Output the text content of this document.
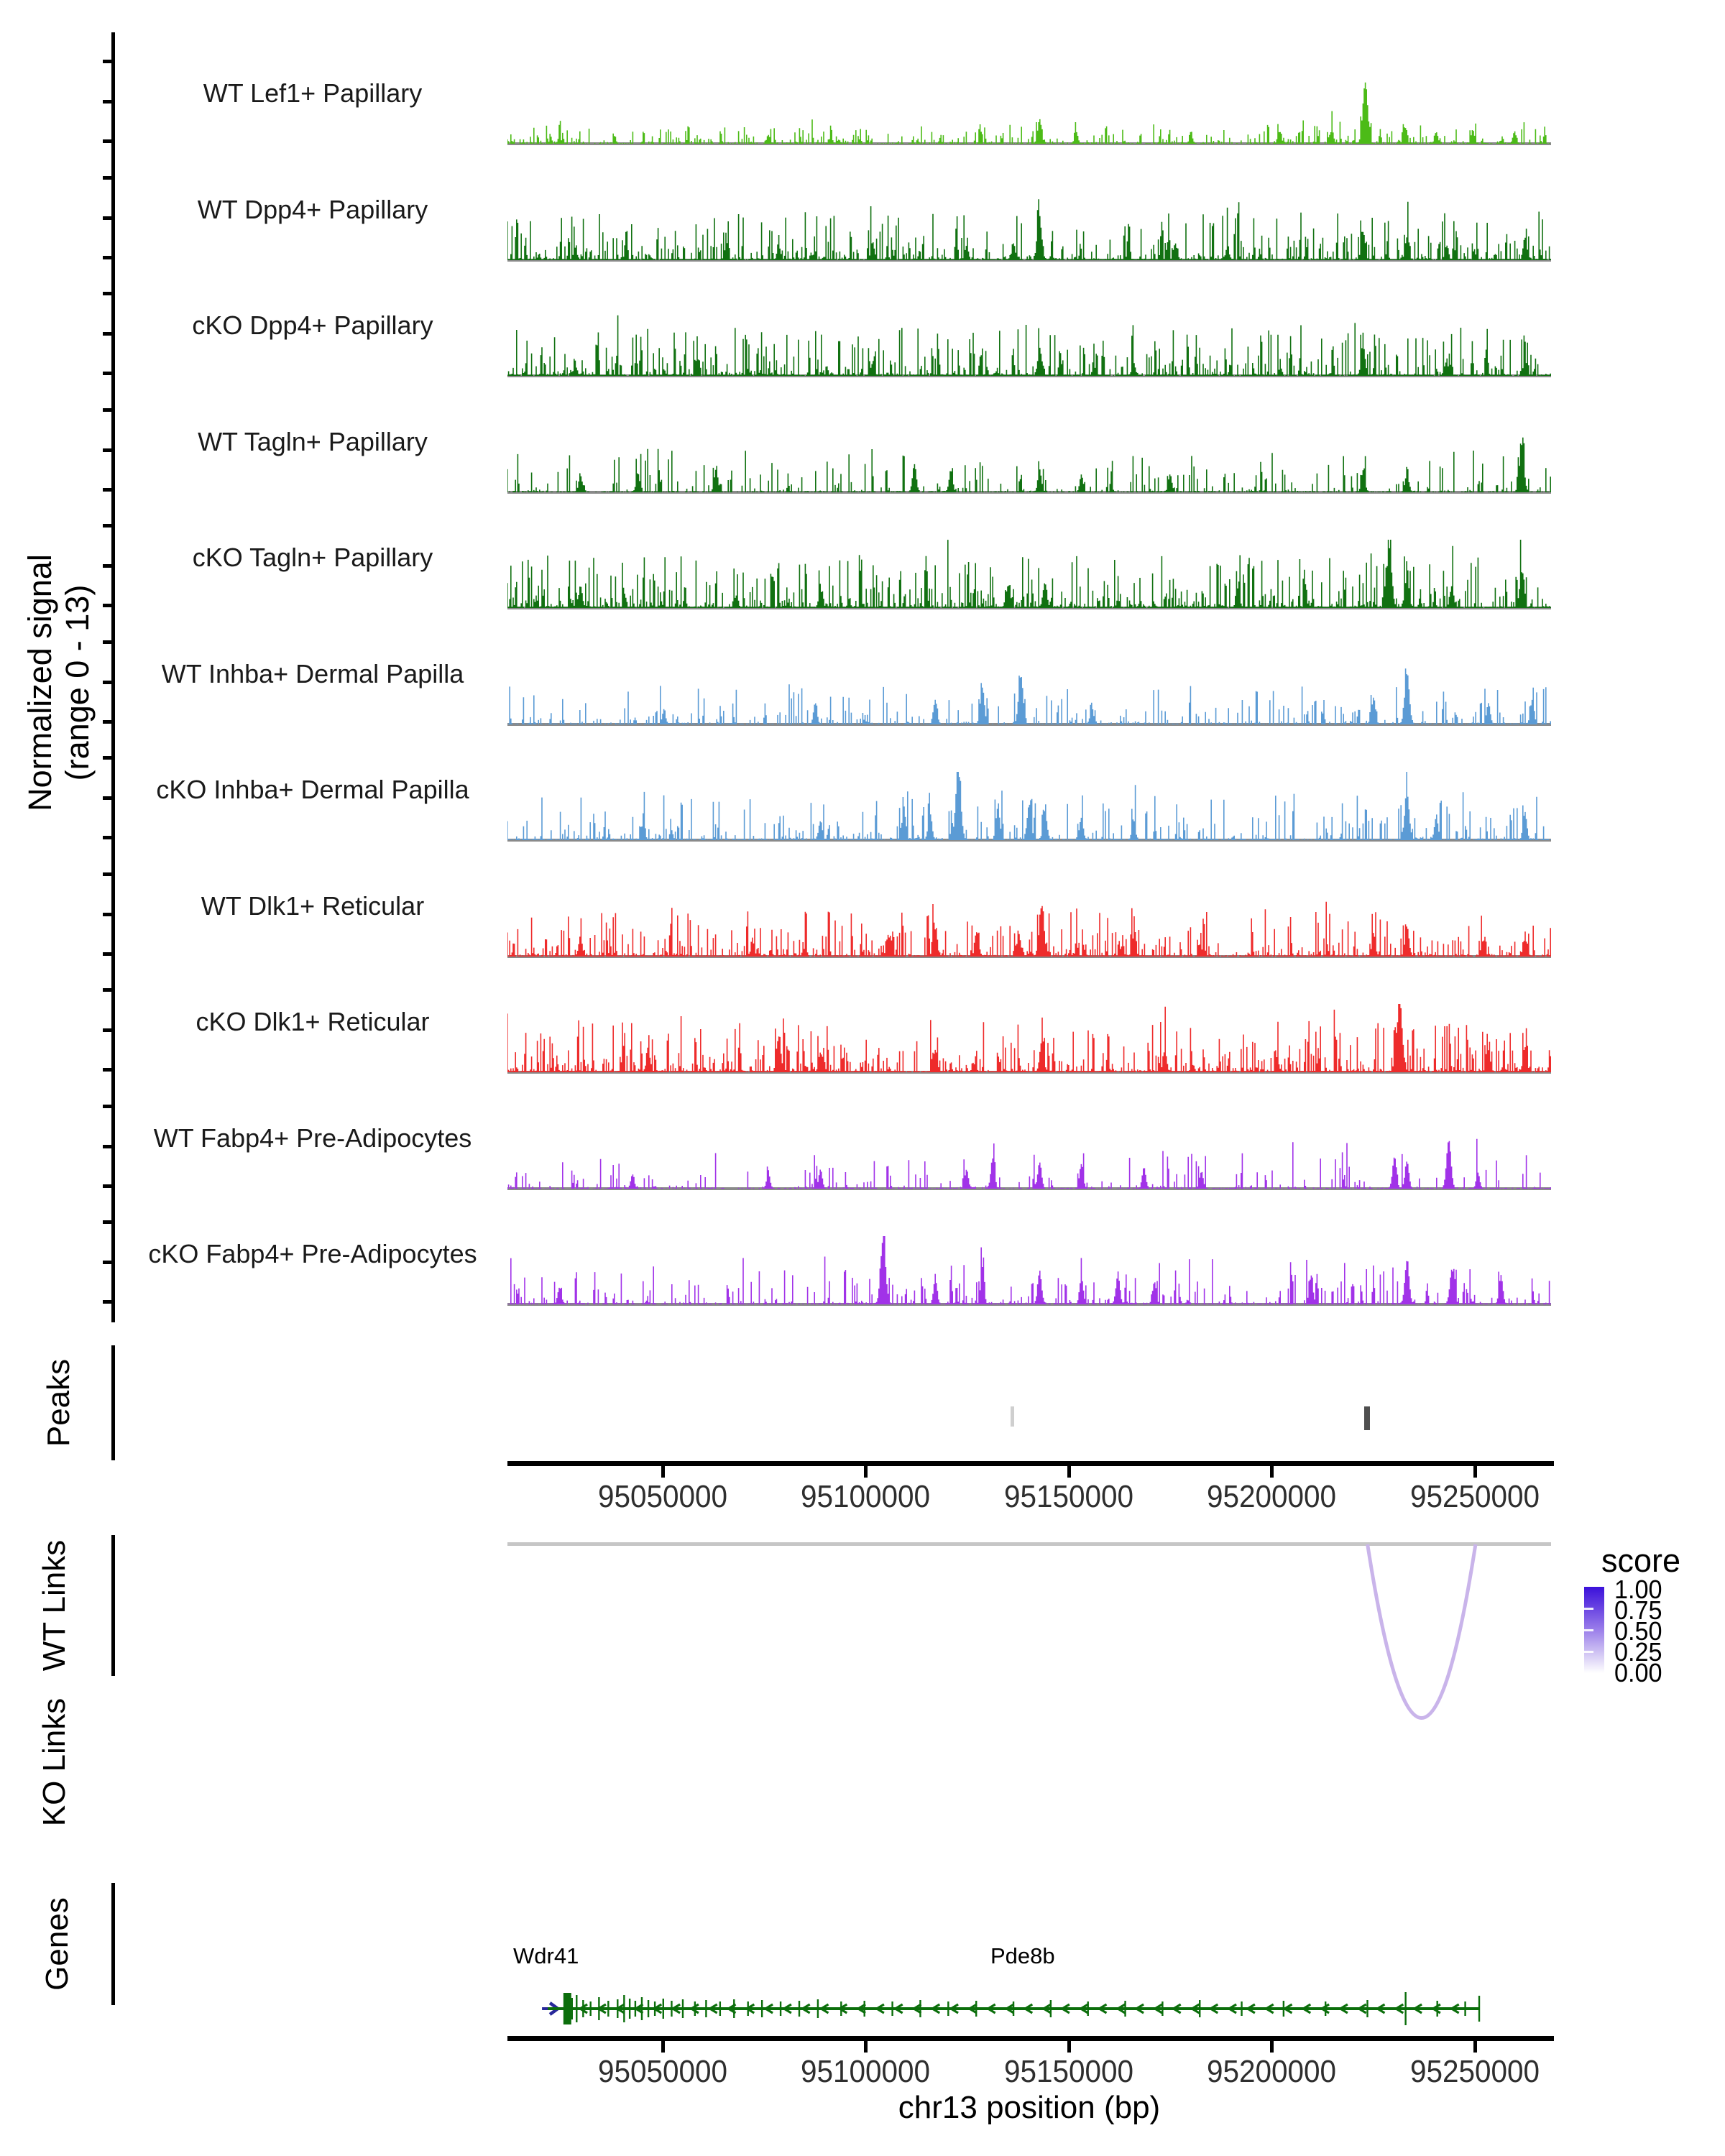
Normalized signal (range 0 - 13)
Peaks
WT Links
KO Links
Genes
chr13 position (bp)
score
WT Lef1+ Papillary
WT Dpp4+ Papillary
cKO Dpp4+ Papillary
WT Tagln+ Papillary
cKO Tagln+ Papillary
WT Inhba+ Dermal Papilla
cKO Inhba+ Dermal Papilla
WT Dlk1+ Reticular
cKO Dlk1+ Reticular
WT Fabp4+ Pre-Adipocytes
cKO Fabp4+ Pre-Adipocytes
95050000 95100000 95150000 95200000 95250000
95050000 95100000 95150000 95200000 95250000
1.00
0.75
0.50
0.25
0.00
Wdr41	Pde8b
